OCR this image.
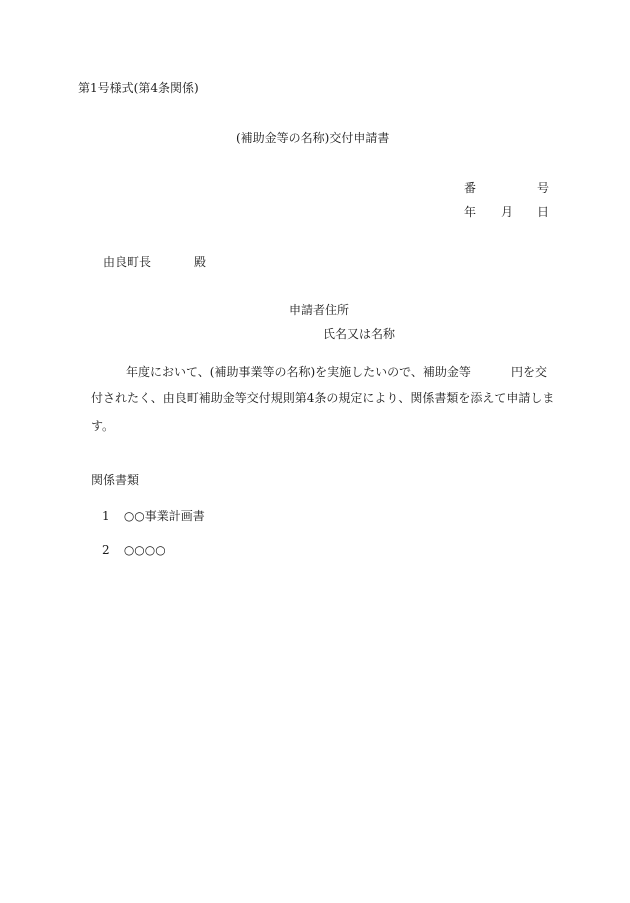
第1号様式(第4条関係)
(補助金等の名称)交付申請書
番	号
年 月 日
由良町長	殿
申請者住所
氏名又は名称
年度において、(補助事業等の名称)を実施したいので、補助金等	円を交
付されたく、由良町補助金等交付規則第4条の規定により、関係書類を添えて申請しま
す。
関係書類
1 ○○事業計画書
2 ○○○○
